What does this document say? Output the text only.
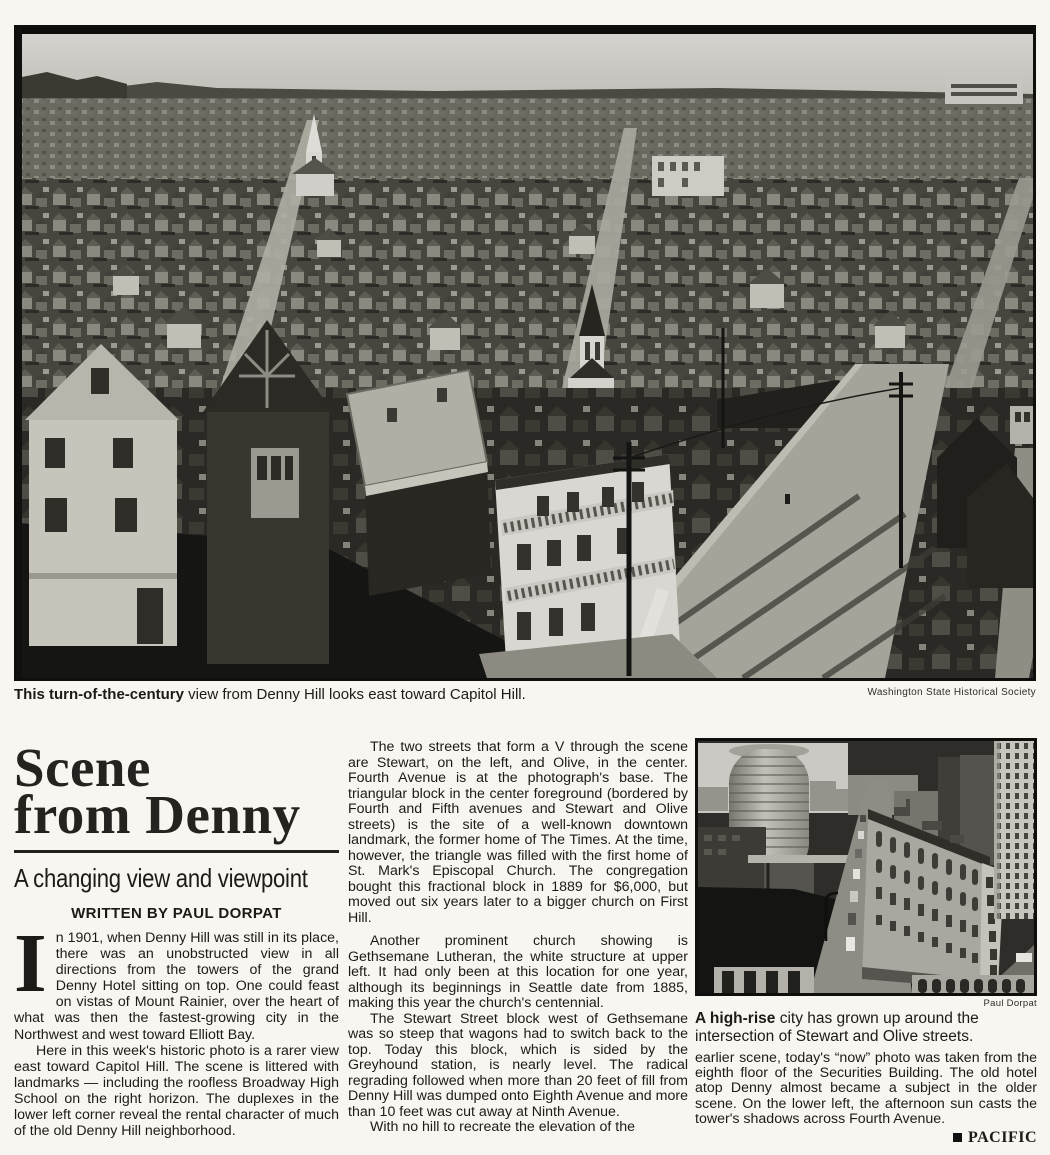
This turn-of-the-century view from Denny Hill looks east toward Capitol Hill.	Washington State Historical Society
Scene
from Denny
A changing view and viewpoint
WRITTEN BY PAUL DORPAT

In 1901, when Denny Hill was still in its place, there was an unobstructed view in all directions from the towers of the grand Denny Hotel sitting on top. One could feast on vistas of Mount Rainier, over the heart of what was then the fastest-growing city in the Northwest and west toward Elliott Bay.

Here in this week's historic photo is a rarer view east toward Capitol Hill. The scene is littered with landmarks — including the roofless Broadway High School on the right horizon. The duplexes in the lower left corner reveal the rental character of much of the old Denny Hill neighborhood.

The two streets that form a V through the scene are Stewart, on the left, and Olive, in the center. Fourth Avenue is at the photograph's base. The triangular block in the center foreground (bordered by Fourth and Fifth avenues and Stewart and Olive streets) is the site of a well-known downtown landmark, the former home of The Times. At the time, however, the triangle was filled with the first home of St. Mark's Episcopal Church. The congregation bought this fractional block in 1889 for $6,000, but moved out six years later to a bigger church on First Hill.

Another prominent church showing is Gethsemane Lutheran, the white structure at upper left. It had only been at this location for one year, although its beginnings in Seattle date from 1885, making this year the church's centennial.

The Stewart Street block west of Gethsemane was so steep that wagons had to switch back to the top. Today this block, which is sided by the Greyhound station, is nearly level. The radical regrading followed when more than 20 feet of fill from Denny Hill was dumped onto Eighth Avenue and more than 10 feet was cut away at Ninth Avenue.

With no hill to recreate the elevation of the

Paul Dorpat

A high-rise city has grown up around the intersection of Stewart and Olive streets.

earlier scene, today's “now” photo was taken from the eighth floor of the Securities Building. The old hotel atop Denny almost became a subject in the older scene. On the lower left, the afternoon sun casts the tower's shadows across Fourth Avenue.

PACIFIC
